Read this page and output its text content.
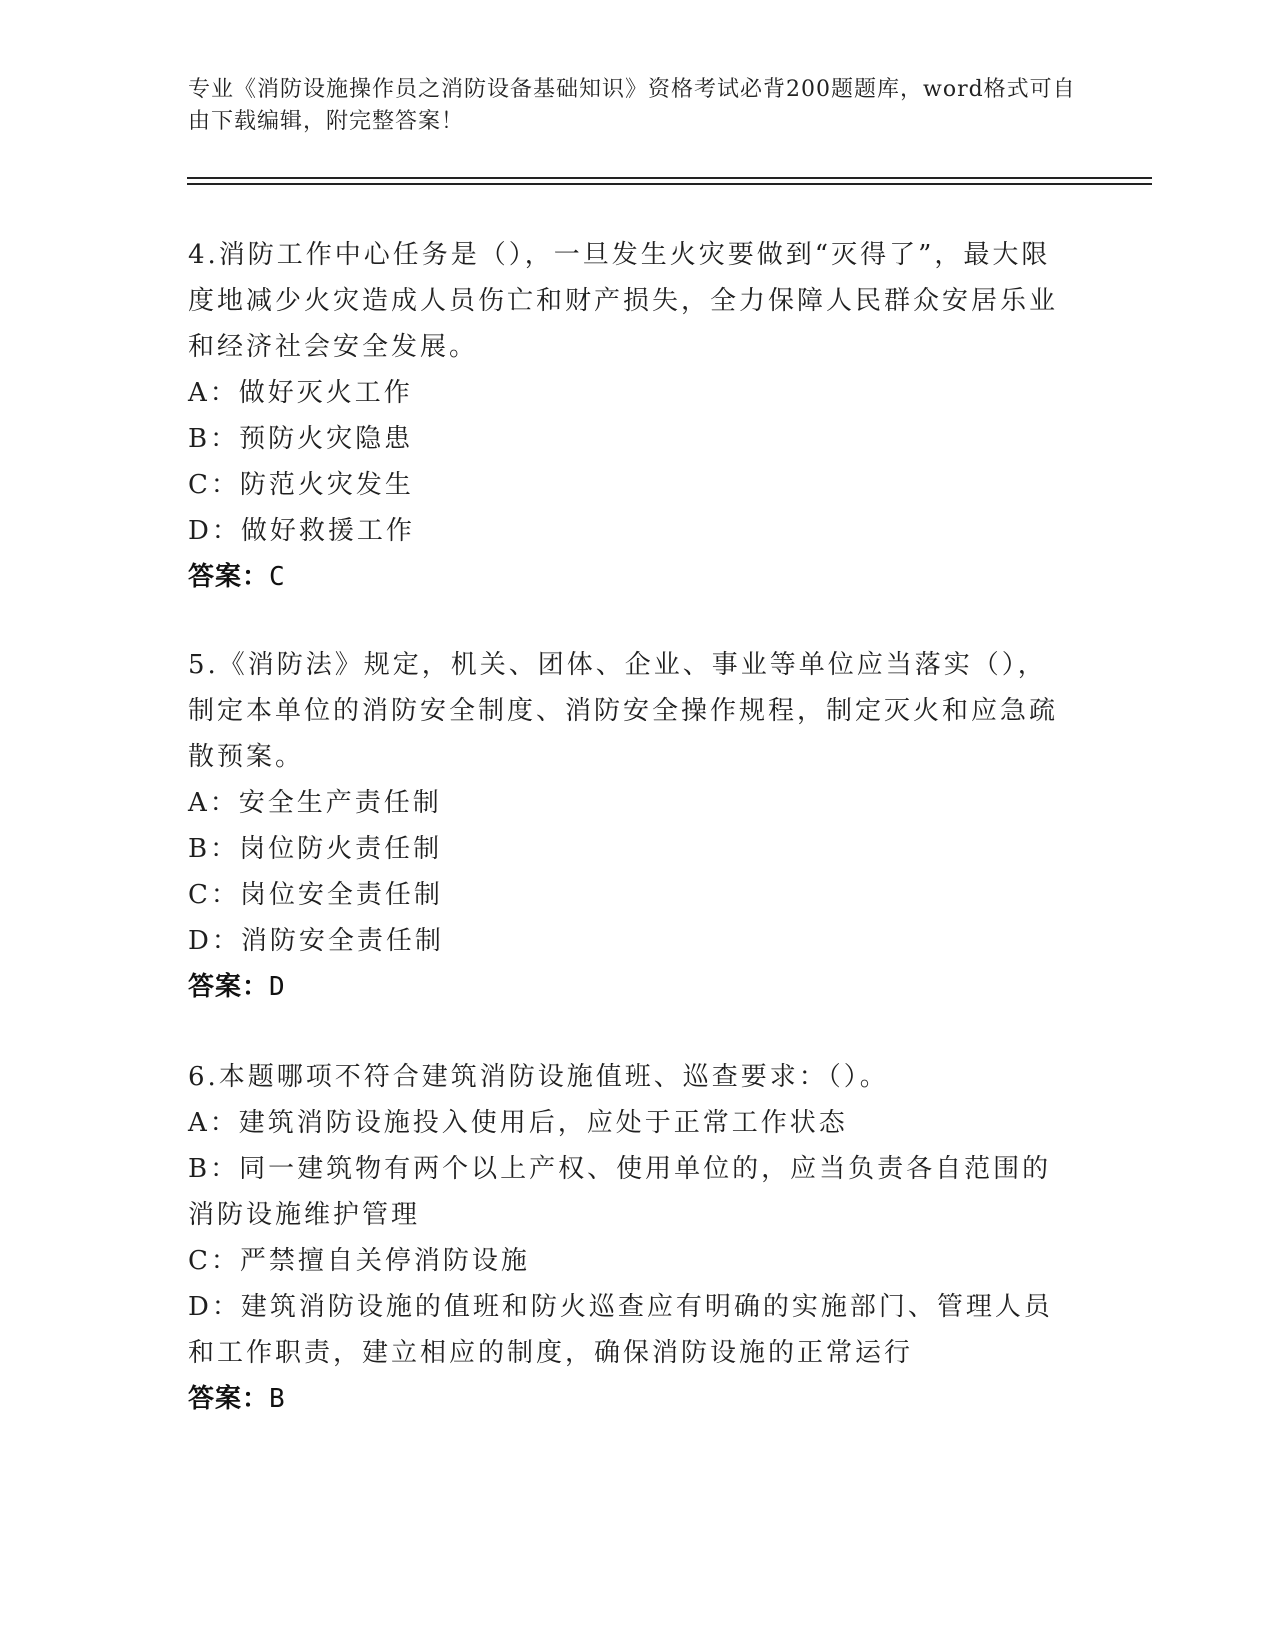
专业《消防设施操作员之消防设备基础知识》资格考试必背200题题库，word格式可自由下载编辑，附完整答案！
4.消防工作中心任务是（），一旦发生火灾要做到“灭得了”，最大限度地减少火灾造成人员伤亡和财产损失，全力保障人民群众安居乐业和经济社会安全发展。
A：做好灭火工作
B：预防火灾隐患
C：防范火灾发生
D：做好救援工作
答案：C
5.《消防法》规定，机关、团体、企业、事业等单位应当落实（），制定本单位的消防安全制度、消防安全操作规程，制定灭火和应急疏散预案。
A：安全生产责任制
B：岗位防火责任制
C：岗位安全责任制
D：消防安全责任制
答案：D
6.本题哪项不符合建筑消防设施值班、巡查要求：（）。
A：建筑消防设施投入使用后，应处于正常工作状态
B：同一建筑物有两个以上产权、使用单位的，应当负责各自范围的消防设施维护管理
C：严禁擅自关停消防设施
D：建筑消防设施的值班和防火巡查应有明确的实施部门、管理人员和工作职责，建立相应的制度，确保消防设施的正常运行
答案：B
